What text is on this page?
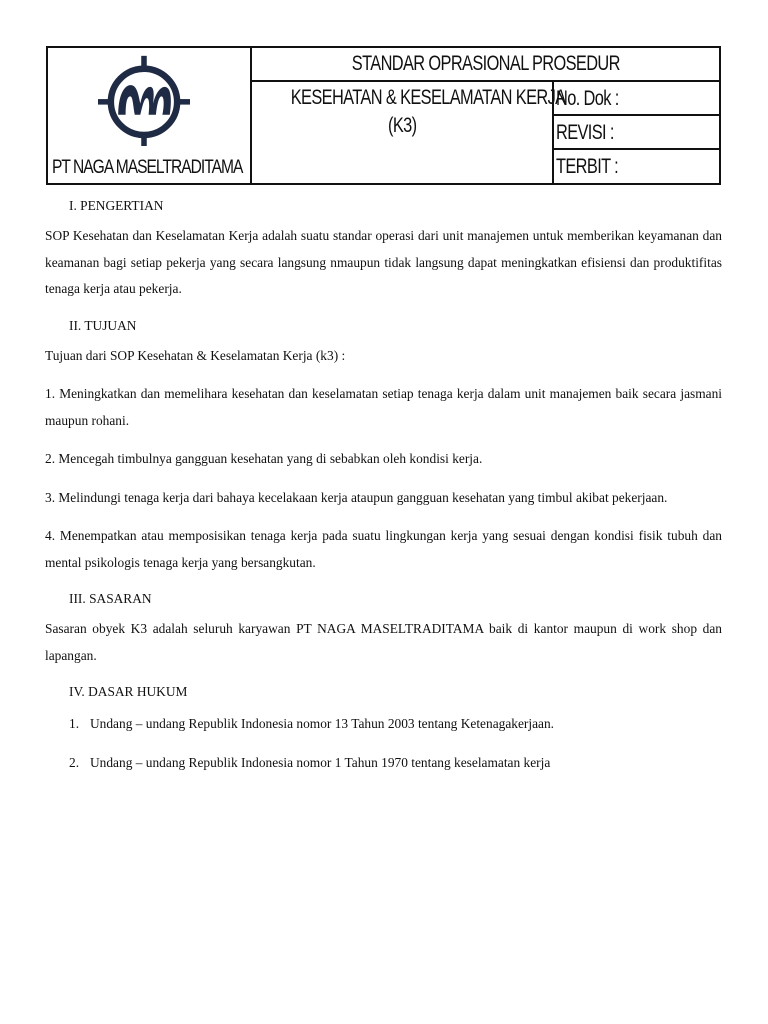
PT NAGA MASELTRADITAMA
STANDAR OPRASIONAL PROSEDUR
KESEHATAN & KESELAMATAN KERJA
(K3)
No. Dok :
REVISI :
TERBIT :
I. PENGERTIAN

SOP Kesehatan dan Keselamatan Kerja adalah suatu standar operasi dari unit manajemen untuk memberikan keyamanan dan keamanan bagi setiap pekerja yang secara langsung nmaupun tidak langsung dapat meningkatkan efisiensi dan produktifitas tenaga kerja atau pekerja.

II. TUJUAN

Tujuan dari SOP Kesehatan & Keselamatan Kerja (k3) :

1. Meningkatkan dan memelihara kesehatan dan keselamatan setiap tenaga kerja dalam unit manajemen baik secara jasmani maupun rohani.

2. Mencegah timbulnya gangguan kesehatan yang di sebabkan oleh kondisi kerja.

3. Melindungi tenaga kerja dari bahaya kecelakaan kerja ataupun gangguan kesehatan yang timbul akibat pekerjaan.

4. Menempatkan atau memposisikan tenaga kerja pada suatu lingkungan kerja yang sesuai dengan kondisi fisik tubuh dan mental psikologis tenaga kerja yang bersangkutan.

III. SASARAN

Sasaran obyek K3 adalah seluruh karyawan PT NAGA MASELTRADITAMA baik di kantor maupun di work shop dan lapangan.

IV. DASAR HUKUM
1. Undang – undang Republik Indonesia nomor 13 Tahun 2003 tentang Ketenagakerjaan.
2. Undang – undang Republik Indonesia nomor 1 Tahun 1970 tentang keselamatan kerja
